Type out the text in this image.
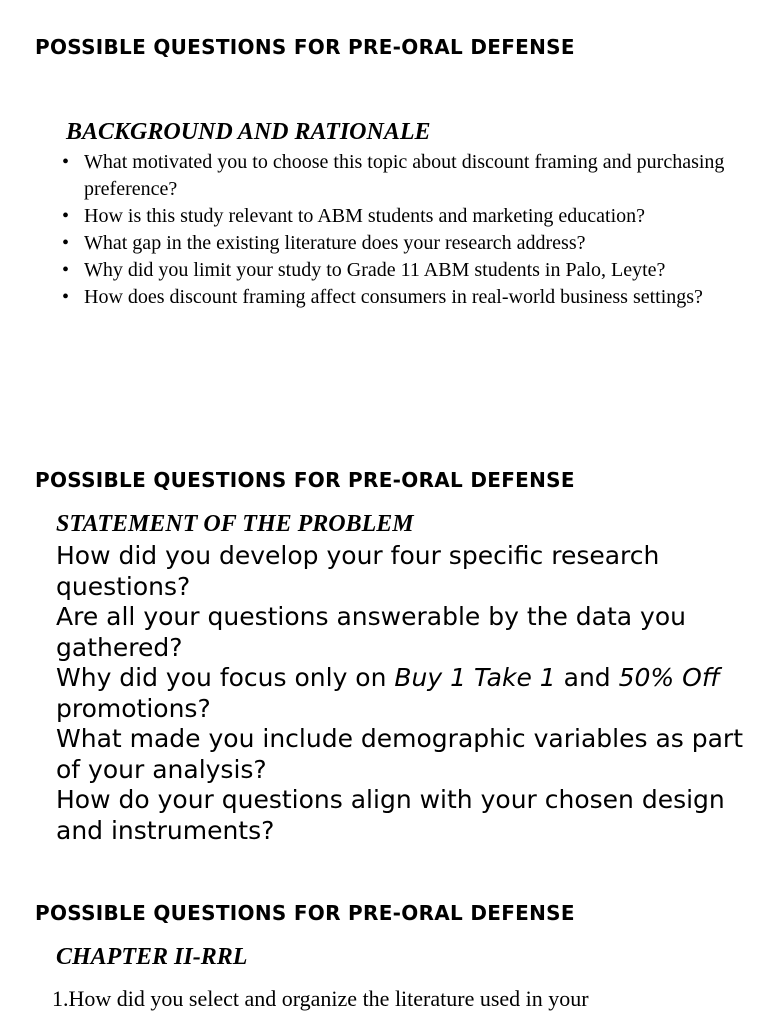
POSSIBLE QUESTIONS FOR PRE-ORAL DEFENSE
BACKGROUND AND RATIONALE
• What motivated you to choose this topic about discount framing and purchasing preference?
• How is this study relevant to ABM students and marketing education?
• What gap in the existing literature does your research address?
• Why did you limit your study to Grade 11 ABM students in Palo, Leyte?
• How does discount framing affect consumers in real-world business settings?
POSSIBLE QUESTIONS FOR PRE-ORAL DEFENSE
STATEMENT OF THE PROBLEM
How did you develop your four specific research questions?
Are all your questions answerable by the data you gathered?
Why did you focus only on Buy 1 Take 1 and 50% Off promotions?
What made you include demographic variables as part of your analysis?
How do your questions align with your chosen design and instruments?
POSSIBLE QUESTIONS FOR PRE-ORAL DEFENSE
CHAPTER II-RRL
1.How did you select and organize the literature used in your
